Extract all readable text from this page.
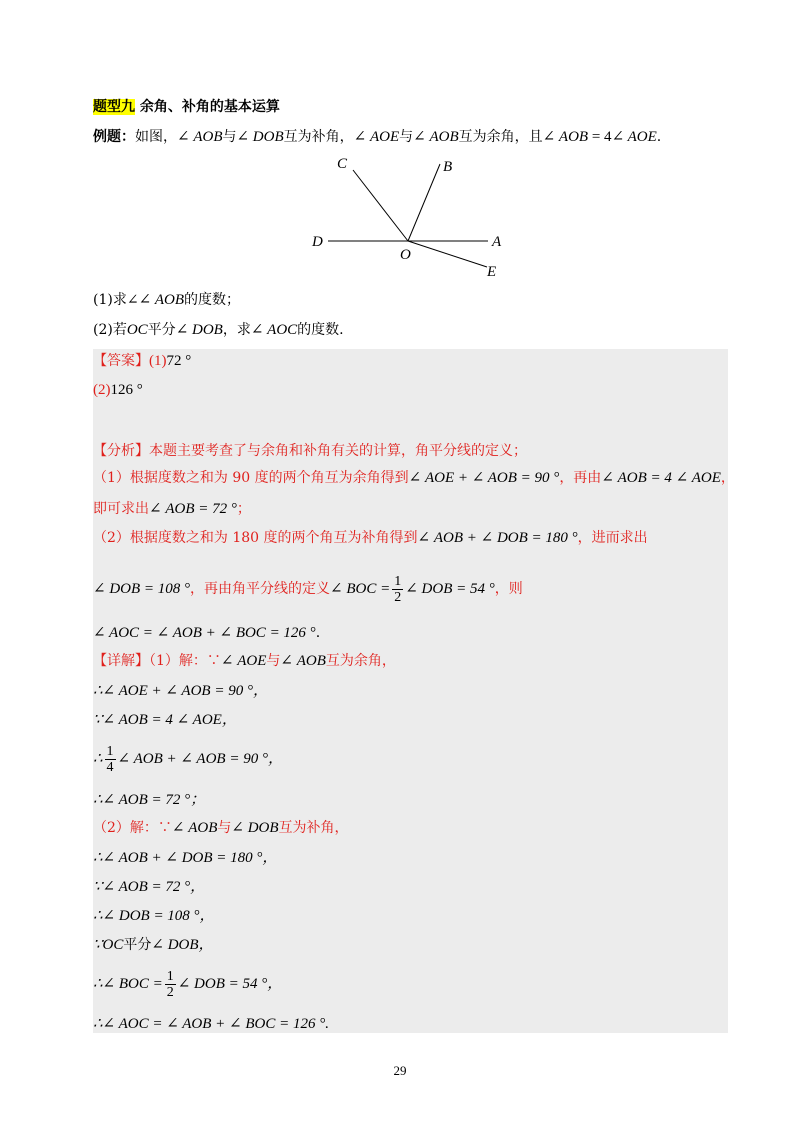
题型九 余角、补角的基本运算
例题：如图，∠ AOB与∠ DOB互为补角，∠ AOE与∠ AOB互为余角，且∠ AOB = 4∠ AOE.
C	B
D	A
O
E
(1)求∠∠ AOB的度数；
(2)若OC平分∠ DOB，求∠ AOC的度数.
【答案】(1)72 °
(2)126 °
【分析】本题主要考查了与余角和补角有关的计算，角平分线的定义；
（1）根据度数之和为 90 度的两个角互为余角得到∠ AOE + ∠ AOB = 90 °，再由∠ AOB = 4 ∠ AOE，
即可求出∠ AOB = 72 °；
（2）根据度数之和为 180 度的两个角互为补角得到∠ AOB + ∠ DOB = 180 °，进而求出
∠ DOB = 108 °，再由角平分线的定义∠ BOC = $\frac{1}{2}$ ∠ DOB = 54 °，则
∠ AOC = ∠ AOB + ∠ BOC = 126 °.
【详解】（1）解：∵∠ AOE与∠ AOB互为余角，
∴∠ AOE + ∠ AOB = 90 °，
∵∠ AOB = 4 ∠ AOE，
∴ $\frac{1}{4}$ ∠ AOB + ∠ AOB = 90 °，
∴∠ AOB = 72 °；
（2）解：∵∠ AOB与∠ DOB互为补角，
∴∠ AOB + ∠ DOB = 180 °，
∵∠ AOB = 72 °，
∴∠ DOB = 108 °，
∵OC平分∠ DOB，
∴∠ BOC = $\frac{1}{2}$ ∠ DOB = 54 °，
∴∠ AOC = ∠ AOB + ∠ BOC = 126 °.
29
